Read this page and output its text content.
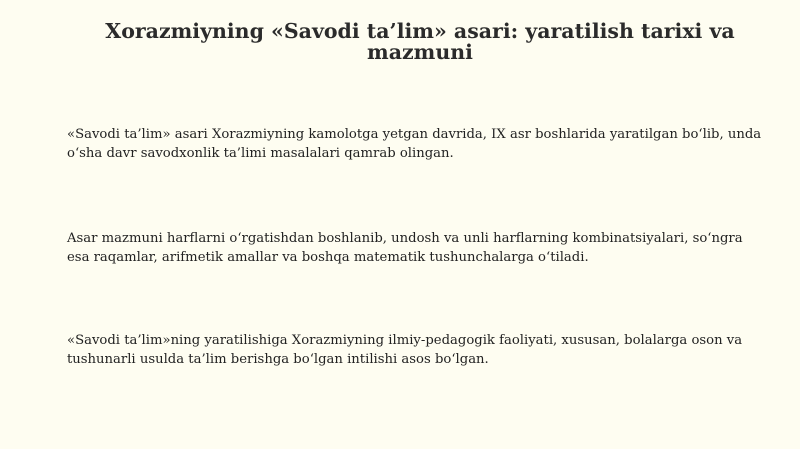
Xorazmiyning «Savodi ta’lim» asari: yaratilish tarixi va mazmuni

«Savodi ta’lim» asari Xorazmiyning kamolotga yetgan davrida, IX asr boshlarida yaratilgan bo‘lib, unda o‘sha davr savodxonlik ta’limi masalalari qamrab olingan.

Asar mazmuni harflarni o‘rgatishdan boshlanib, undosh va unli harflarning kombinatsiyalari, so‘ngra esa raqamlar, arifmetik amallar va boshqa matematik tushunchalarga o‘tiladi.

«Savodi ta’lim»ning yaratilishiga Xorazmiyning ilmiy-pedagogik faoliyati, xususan, bolalarga oson va tushunarli usulda ta’lim berishga bo‘lgan intilishi asos bo‘lgan.
